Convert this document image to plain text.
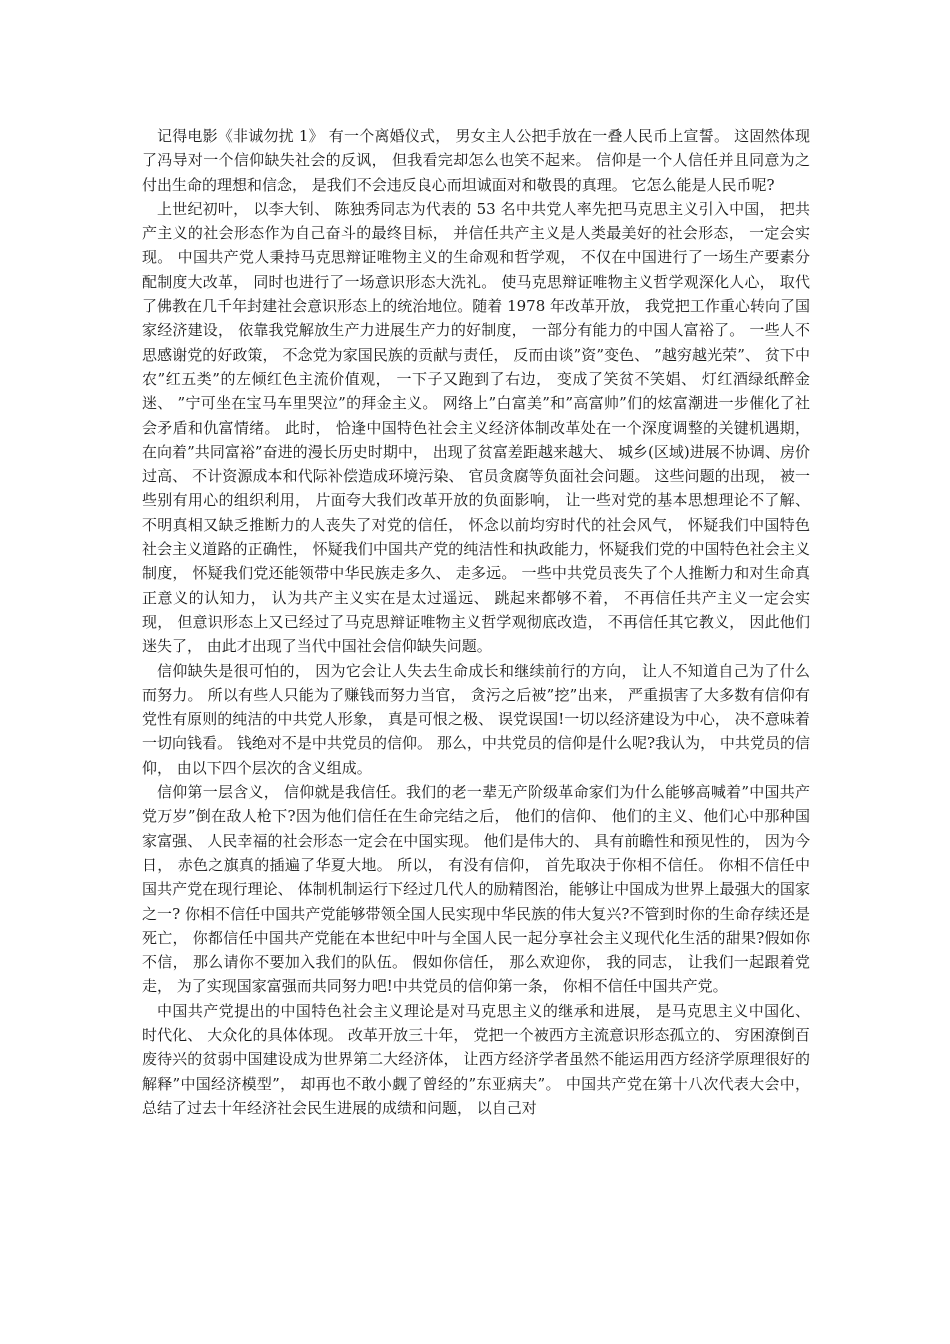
记得电影《非诚勿扰 1》 有一个离婚仪式， 男女主人公把手放在一叠人民币上宣誓。 这固然体现了冯导对一个信仰缺失社会的反讽， 但我看完却怎么也笑不起来。 信仰是一个人信任并且同意为之付出生命的理想和信念， 是我们不会违反良心而坦诚面对和敬畏的真理。 它怎么能是人民币呢?

上世纪初叶， 以李大钊、 陈独秀同志为代表的 53 名中共党人率先把马克思主义引入中国， 把共产主义的社会形态作为自己奋斗的最终目标， 并信任共产主义是人类最美好的社会形态， 一定会实现。 中国共产党人秉持马克思辩证唯物主义的生命观和哲学观， 不仅在中国进行了一场生产要素分配制度大改革， 同时也进行了一场意识形态大洗礼。 使马克思辩证唯物主义哲学观深化人心， 取代了佛教在几千年封建社会意识形态上的统治地位。随着 1978 年改革开放， 我党把工作重心转向了国家经济建设， 依靠我党解放生产力进展生产力的好制度， 一部分有能力的中国人富裕了。 一些人不思感谢党的好政策， 不念党为家国民族的贡献与责任， 反而由谈”资”变色、 ”越穷越光荣”、 贫下中农”红五类”的左倾红色主流价值观， 一下子又跑到了右边， 变成了笑贫不笑娼、 灯红酒绿纸醉金迷、 ”宁可坐在宝马车里哭泣”的拜金主义。 网络上”白富美”和”高富帅”们的炫富潮进一步催化了社会矛盾和仇富情绪。 此时， 恰逢中国特色社会主义经济体制改革处在一个深度调整的关键机遇期， 在向着”共同富裕”奋进的漫长历史时期中， 出现了贫富差距越来越大、 城乡(区域)进展不协调、房价过高、 不计资源成本和代际补偿造成环境污染、 官员贪腐等负面社会问题。 这些问题的出现， 被一些别有用心的组织利用， 片面夸大我们改革开放的负面影响， 让一些对党的基本思想理论不了解、 不明真相又缺乏推断力的人丧失了对党的信任， 怀念以前均穷时代的社会风气， 怀疑我们中国特色社会主义道路的正确性， 怀疑我们中国共产党的纯洁性和执政能力，怀疑我们党的中国特色社会主义制度， 怀疑我们党还能领带中华民族走多久、 走多远。 一些中共党员丧失了个人推断力和对生命真正意义的认知力， 认为共产主义实在是太过遥远、 跳起来都够不着， 不再信任共产主义一定会实现， 但意识形态上又已经过了马克思辩证唯物主义哲学观彻底改造， 不再信任其它教义， 因此他们迷失了， 由此才出现了当代中国社会信仰缺失问题。

信仰缺失是很可怕的， 因为它会让人失去生命成长和继续前行的方向， 让人不知道自己为了什么而努力。 所以有些人只能为了赚钱而努力当官， 贪污之后被”挖”出来， 严重损害了大多数有信仰有党性有原则的纯洁的中共党人形象， 真是可恨之极、 误党误国!一切以经济建设为中心， 决不意味着一切向钱看。 钱绝对不是中共党员的信仰。 那么，中共党员的信仰是什么呢?我认为， 中共党员的信仰， 由以下四个层次的含义组成。

信仰第一层含义， 信仰就是我信任。我们的老一辈无产阶级革命家们为什么能够高喊着”中国共产党万岁”倒在敌人枪下?因为他们信任在生命完结之后， 他们的信仰、 他们的主义、他们心中那种国家富强、 人民幸福的社会形态一定会在中国实现。 他们是伟大的、 具有前瞻性和预见性的， 因为今日， 赤色之旗真的插遍了华夏大地。 所以， 有没有信仰， 首先取决于你相不信任。 你相不信任中国共产党在现行理论、 体制机制运行下经过几代人的励精图治，能够让中国成为世界上最强大的国家之一? 你相不信任中国共产党能够带领全国人民实现中华民族的伟大复兴?不管到时你的生命存续还是死亡， 你都信任中国共产党能在本世纪中叶与全国人民一起分享社会主义现代化生活的甜果?假如你不信， 那么请你不要加入我们的队伍。 假如你信任， 那么欢迎你， 我的同志， 让我们一起跟着党走， 为了实现国家富强而共同努力吧!中共党员的信仰第一条， 你相不信任中国共产党。

中国共产党提出的中国特色社会主义理论是对马克思主义的继承和进展， 是马克思主义中国化、 时代化、 大众化的具体体现。 改革开放三十年， 党把一个被西方主流意识形态孤立的、 穷困潦倒百废待兴的贫弱中国建设成为世界第二大经济体， 让西方经济学者虽然不能运用西方经济学原理很好的解释”中国经济模型”， 却再也不敢小觑了曾经的”东亚病夫”。 中国共产党在第十八次代表大会中， 总结了过去十年经济社会民生进展的成绩和问题， 以自己对
